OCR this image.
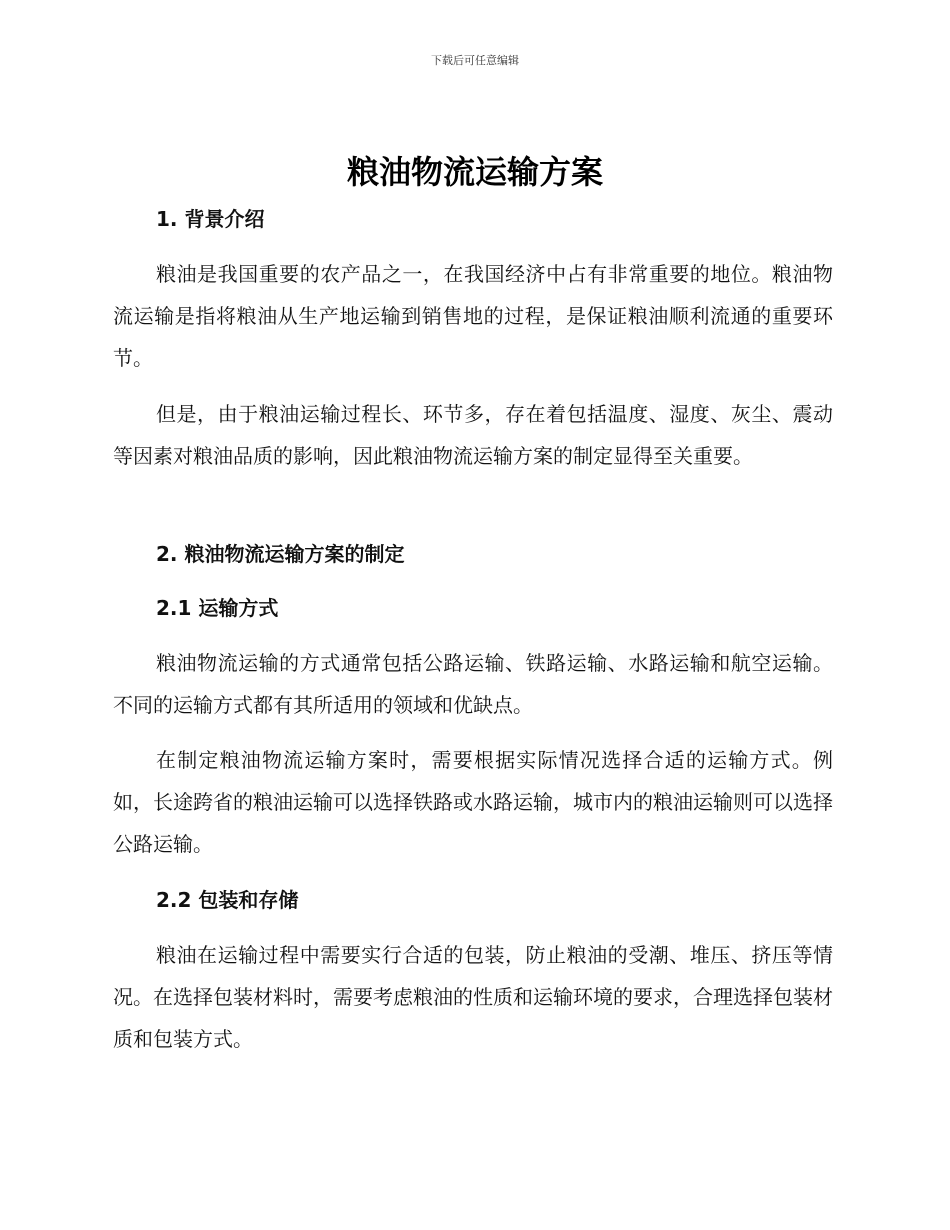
下载后可任意编辑
粮油物流运输方案
1. 背景介绍

粮油是我国重要的农产品之一，在我国经济中占有非常重要的地位。粮油物流运输是指将粮油从生产地运输到销售地的过程，是保证粮油顺利流通的重要环节。

但是，由于粮油运输过程长、环节多，存在着包括温度、湿度、灰尘、震动等因素对粮油品质的影响，因此粮油物流运输方案的制定显得至关重要。

2. 粮油物流运输方案的制定
2.1 运输方式

粮油物流运输的方式通常包括公路运输、铁路运输、水路运输和航空运输。不同的运输方式都有其所适用的领域和优缺点。

在制定粮油物流运输方案时，需要根据实际情况选择合适的运输方式。例如，长途跨省的粮油运输可以选择铁路或水路运输，城市内的粮油运输则可以选择公路运输。

2.2 包装和存储

粮油在运输过程中需要实行合适的包装，防止粮油的受潮、堆压、挤压等情况。在选择包装材料时，需要考虑粮油的性质和运输环境的要求，合理选择包装材质和包装方式。
